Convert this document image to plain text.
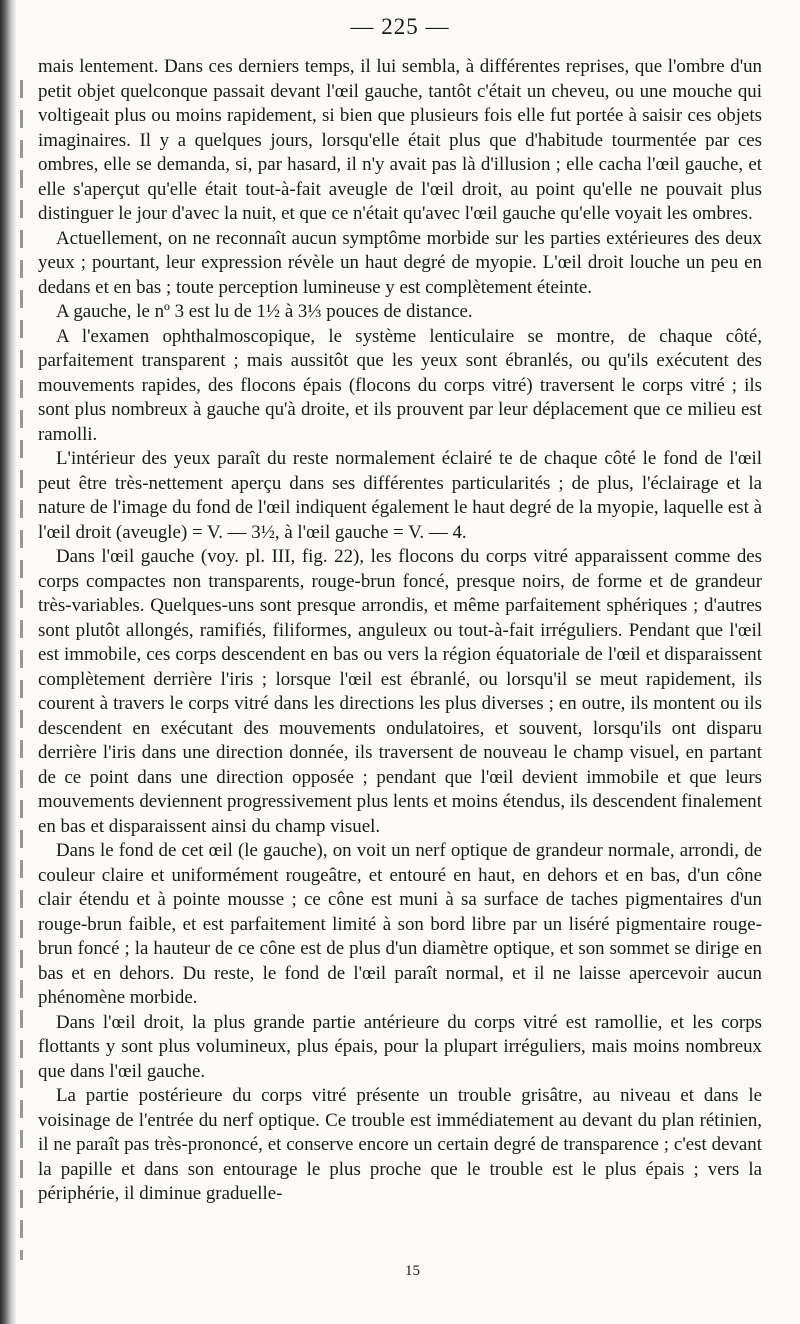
— 225 —

mais lentement. Dans ces derniers temps, il lui sembla, à différentes reprises, que l'ombre d'un petit objet quelconque passait devant l'œil gauche, tantôt c'était un cheveu, ou une mouche qui voltigeait plus ou moins rapidement, si bien que plusieurs fois elle fut portée à saisir ces objets imaginaires. Il y a quelques jours, lorsqu'elle était plus que d'habitude tourmentée par ces ombres, elle se demanda, si, par hasard, il n'y avait pas là d'illusion ; elle cacha l'œil gauche, et elle s'aperçut qu'elle était tout-à-fait aveugle de l'œil droit, au point qu'elle ne pouvait plus distinguer le jour d'avec la nuit, et que ce n'était qu'avec l'œil gauche qu'elle voyait les ombres.

Actuellement, on ne reconnaît aucun symptôme morbide sur les parties extérieures des deux yeux ; pourtant, leur expression révèle un haut degré de myopie. L'œil droit louche un peu en dedans et en bas ; toute perception lumineuse y est complètement éteinte.

A gauche, le nº 3 est lu de 1½ à 3⅓ pouces de distance.

A l'examen ophthalmoscopique, le système lenticulaire se montre, de chaque côté, parfaitement transparent ; mais aussitôt que les yeux sont ébranlés, ou qu'ils exécutent des mouvements rapides, des flocons épais (flocons du corps vitré) traversent le corps vitré ; ils sont plus nombreux à gauche qu'à droite, et ils prouvent par leur déplacement que ce milieu est ramolli.

L'intérieur des yeux paraît du reste normalement éclairé te de chaque côté le fond de l'œil peut être très-nettement aperçu dans ses différentes particularités ; de plus, l'éclairage et la nature de l'image du fond de l'œil indiquent également le haut degré de la myopie, laquelle est à l'œil droit (aveugle) = V. — 3½, à l'œil gauche = V. — 4.

Dans l'œil gauche (voy. pl. III, fig. 22), les flocons du corps vitré apparaissent comme des corps compactes non transparents, rouge-brun foncé, presque noirs, de forme et de grandeur très-variables. Quelques-uns sont presque arrondis, et même parfaitement sphériques ; d'autres sont plutôt allongés, ramifiés, filiformes, anguleux ou tout-à-fait irréguliers. Pendant que l'œil est immobile, ces corps descendent en bas ou vers la région équatoriale de l'œil et disparaissent complètement derrière l'iris ; lorsque l'œil est ébranlé, ou lorsqu'il se meut rapidement, ils courent à travers le corps vitré dans les directions les plus diverses ; en outre, ils montent ou ils descendent en exécutant des mouvements ondulatoires, et souvent, lorsqu'ils ont disparu derrière l'iris dans une direction donnée, ils traversent de nouveau le champ visuel, en partant de ce point dans une direction opposée ; pendant que l'œil devient immobile et que leurs mouvements deviennent progressivement plus lents et moins étendus, ils descendent finalement en bas et disparaissent ainsi du champ visuel.

Dans le fond de cet œil (le gauche), on voit un nerf optique de grandeur normale, arrondi, de couleur claire et uniformément rougeâtre, et entouré en haut, en dehors et en bas, d'un cône clair étendu et à pointe mousse ; ce cône est muni à sa surface de taches pigmentaires d'un rouge-brun faible, et est parfaitement limité à son bord libre par un liséré pigmentaire rouge-brun foncé ; la hauteur de ce cône est de plus d'un diamètre optique, et son sommet se dirige en bas et en dehors. Du reste, le fond de l'œil paraît normal, et il ne laisse apercevoir aucun phénomène morbide.

Dans l'œil droit, la plus grande partie antérieure du corps vitré est ramollie, et les corps flottants y sont plus volumineux, plus épais, pour la plupart irréguliers, mais moins nombreux que dans l'œil gauche.

La partie postérieure du corps vitré présente un trouble grisâtre, au niveau et dans le voisinage de l'entrée du nerf optique. Ce trouble est immédiatement au devant du plan rétinien, il ne paraît pas très-prononcé, et conserve encore un certain degré de transparence ; c'est devant la papille et dans son entourage le plus proche que le trouble est le plus épais ; vers la périphérie, il diminue graduelle-

15
